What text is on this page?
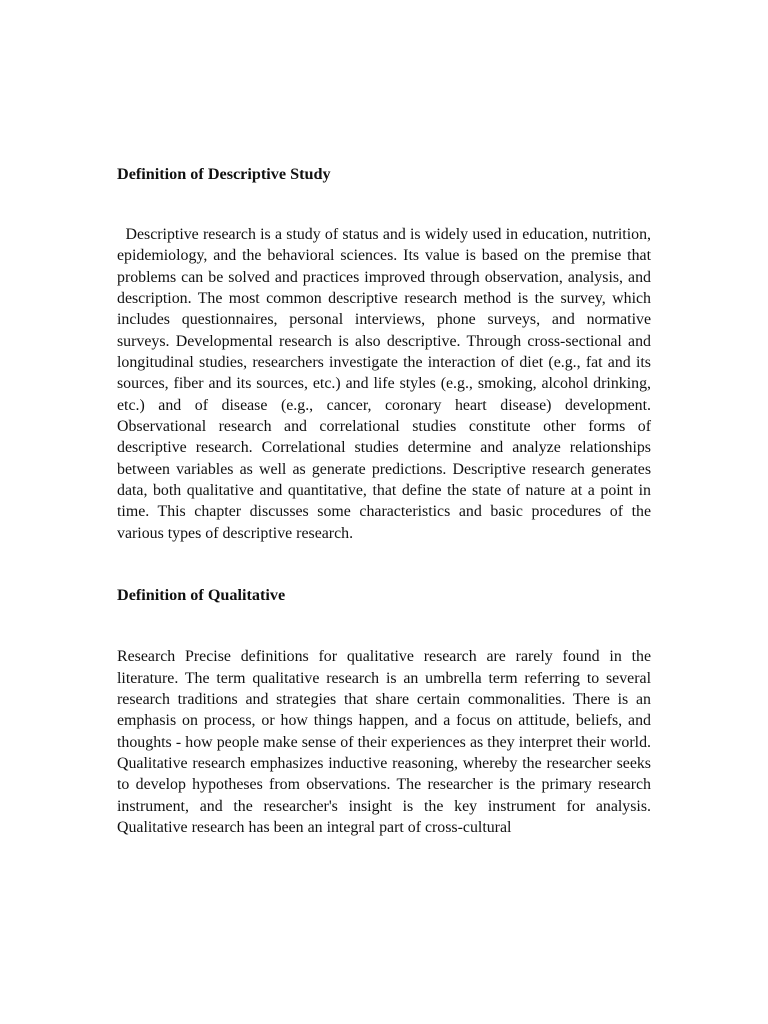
Definition of Descriptive Study

Descriptive research is a study of status and is widely used in education, nutrition, epidemiology, and the behavioral sciences. Its value is based on the premise that problems can be solved and practices improved through observation, analysis, and description. The most common descriptive research method is the survey, which includes questionnaires, personal interviews, phone surveys, and normative surveys. Developmental research is also descriptive. Through cross-sectional and longitudinal studies, researchers investigate the interaction of diet (e.g., fat and its sources, fiber and its sources, etc.) and life styles (e.g., smoking, alcohol drinking, etc.) and of disease (e.g., cancer, coronary heart disease) development. Observational research and correlational studies constitute other forms of descriptive research. Correlational studies determine and analyze relationships between variables as well as generate predictions. Descriptive research generates data, both qualitative and quantitative, that define the state of nature at a point in time. This chapter discusses some characteristics and basic procedures of the various types of descriptive research.

Definition of Qualitative

Research Precise definitions for qualitative research are rarely found in the literature. The term qualitative research is an umbrella term referring to several research traditions and strategies that share certain commonalities. There is an emphasis on process, or how things happen, and a focus on attitude, beliefs, and thoughts - how people make sense of their experiences as they interpret their world. Qualitative research emphasizes inductive reasoning, whereby the researcher seeks to develop hypotheses from observations. The researcher is the primary research instrument, and the researcher's insight is the key instrument for analysis. Qualitative research has been an integral part of cross-cultural
